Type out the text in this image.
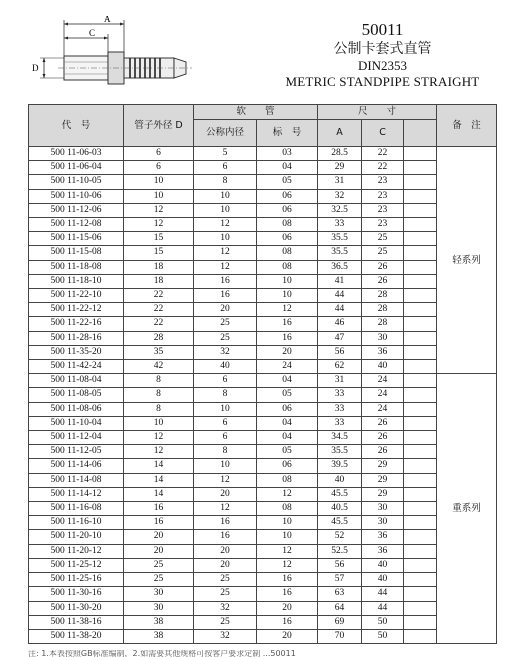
A
C
D
50011
公制卡套式直管
DIN2353
METRIC STANDPIPE STRAIGHT
代　号	管子外径 D	软　　管		尺　　寸			备　注
		公称内径	标　号	A	C		
500 11-06-03	6	5	03	28.5	22		轻系列
500 11-06-04	6	6	04	29	22		
500 11-10-05	10	8	05	31	23		
500 11-10-06	10	10	06	32	23		
500 11-12-06	12	10	06	32.5	23		
500 11-12-08	12	12	08	33	23		
500 11-15-06	15	10	06	35.5	25		
500 11-15-08	15	12	08	35.5	25		
500 11-18-08	18	12	08	36.5	26		
500 11-18-10	18	16	10	41	26		
500 11-22-10	22	16	10	44	28		
500 11-22-12	22	20	12	44	28		
500 11-22-16	22	25	16	46	28		
500 11-28-16	28	25	16	47	30		
500 11-35-20	35	32	20	56	36		
500 11-42-24	42	40	24	62	40		
500 11-08-04	8	6	04	31	24		重系列
500 11-08-05	8	8	05	33	24		
500 11-08-06	8	10	06	33	24		
500 11-10-04	10	6	04	33	26		
500 11-12-04	12	6	04	34.5	26		
500 11-12-05	12	8	05	35.5	26		
500 11-14-06	14	10	06	39.5	29		
500 11-14-08	14	12	08	40	29		
500 11-14-12	14	20	12	45.5	29		
500 11-16-08	16	12	08	40.5	30		
500 11-16-10	16	16	10	45.5	30		
500 11-20-10	20	16	10	52	36		
500 11-20-12	20	20	12	52.5	36		
500 11-25-12	25	20	12	56	40		
500 11-25-16	25	25	16	57	40		
500 11-30-16	30	25	16	63	44		
500 11-30-20	30	32	20	64	44		
500 11-38-16	38	25	16	69	50		
500 11-38-20	38	32	20	70	50		
注: 1.本表按照GB标准编制，2.如需要其他规格可按客户要求定制 ...50011
